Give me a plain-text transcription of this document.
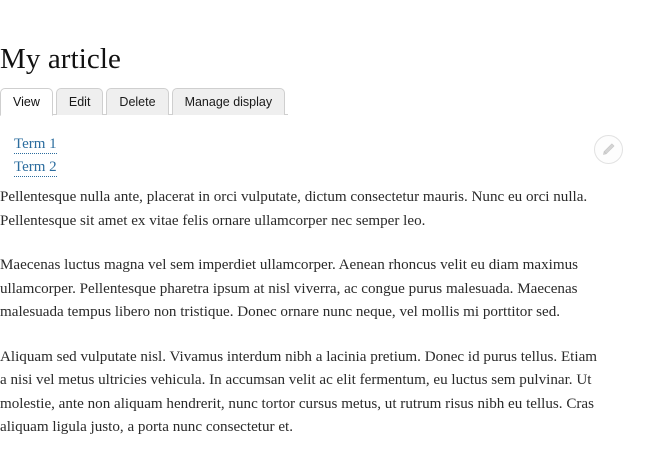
My article
View	Edit	Delete	Manage display
Term 1
Term 2

Pellentesque nulla ante, placerat in orci vulputate, dictum consectetur mauris. Nunc eu orci nulla. Pellentesque sit amet ex vitae felis ornare ullamcorper nec semper leo.

Maecenas luctus magna vel sem imperdiet ullamcorper. Aenean rhoncus velit eu diam maximus ullamcorper. Pellentesque pharetra ipsum at nisl viverra, ac congue purus malesuada. Maecenas malesuada tempus libero non tristique. Donec ornare nunc neque, vel mollis mi porttitor sed.

Aliquam sed vulputate nisl. Vivamus interdum nibh a lacinia pretium. Donec id purus tellus. Etiam a nisi vel metus ultricies vehicula. In accumsan velit ac elit fermentum, eu luctus sem pulvinar. Ut molestie, ante non aliquam hendrerit, nunc tortor cursus metus, ut rutrum risus nibh eu tellus. Cras aliquam ligula justo, a porta nunc consectetur et.
